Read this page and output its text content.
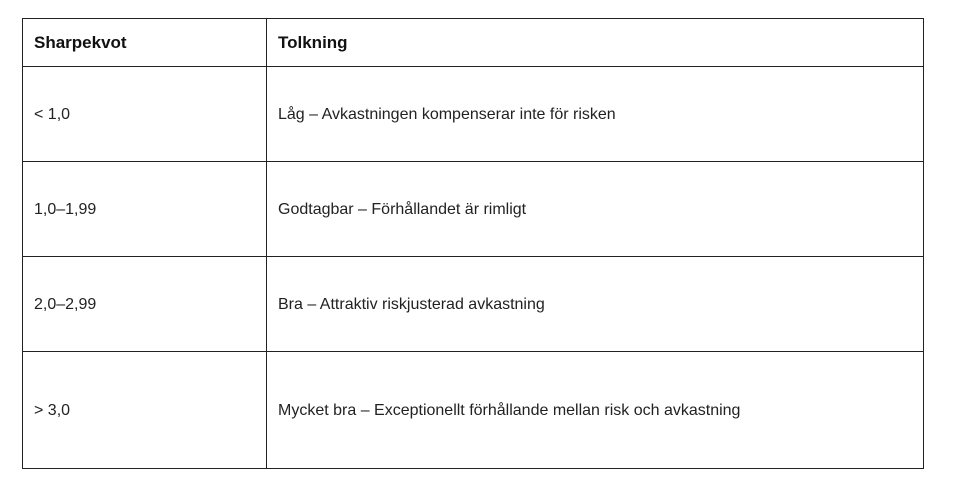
Sharpekvot	Tolkning
< 1,0	Låg – Avkastningen kompenserar inte för risken
1,0–1,99	Godtagbar – Förhållandet är rimligt
2,0–2,99	Bra – Attraktiv riskjusterad avkastning
> 3,0	Mycket bra – Exceptionellt förhållande mellan risk och avkastning
